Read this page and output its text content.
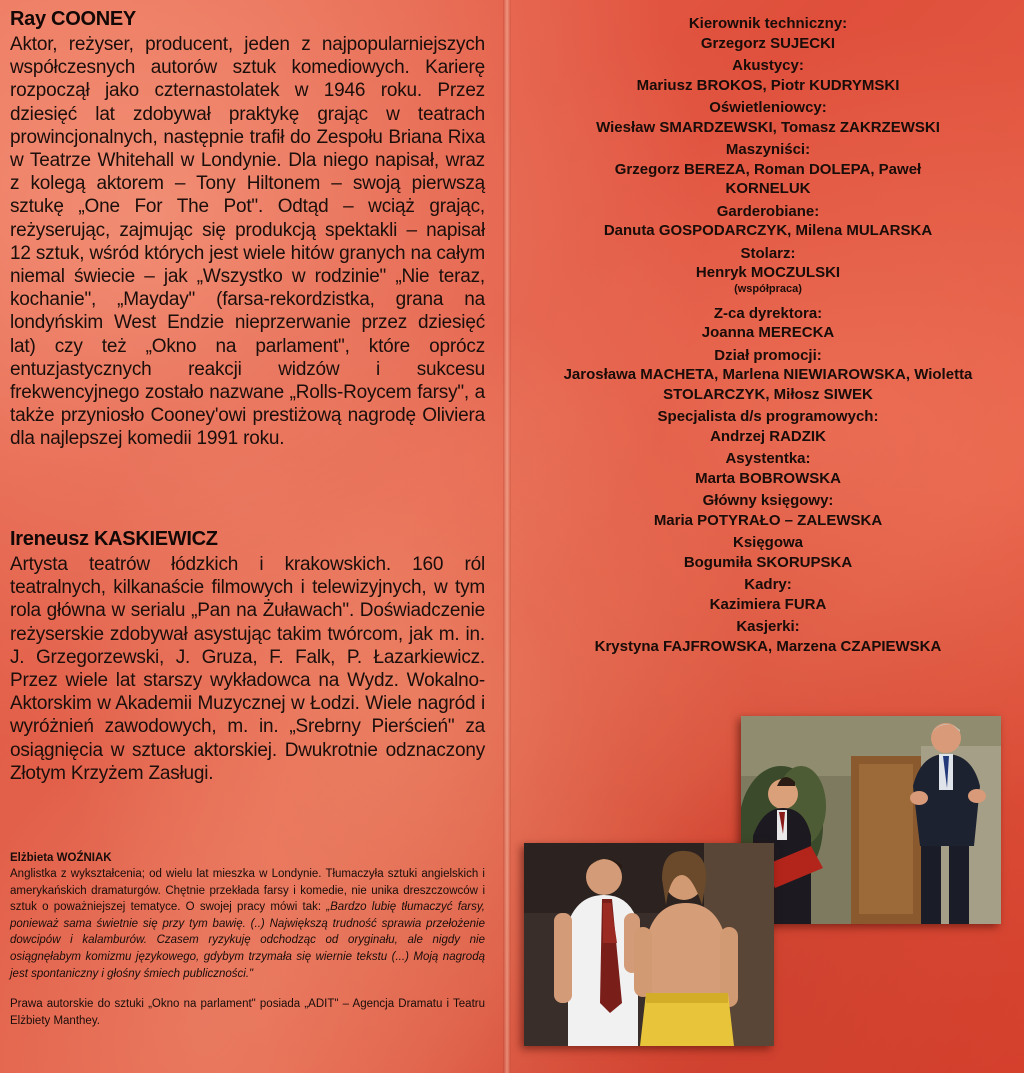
Ray COONEY
Aktor, reżyser, producent, jeden z najpopularniejszych współczesnych autorów sztuk komediowych. Karierę rozpoczął jako czternastolatek w 1946 roku. Przez dziesięć lat zdobywał praktykę grając w teatrach prowincjonalnych, następnie trafił do Zespołu Briana Rixa w Teatrze Whitehall w Londynie. Dla niego napisał, wraz z kolegą aktorem – Tony Hiltonem – swoją pierwszą sztukę „One For The Pot". Odtąd – wciąż grając, reżyserując, zajmując się produkcją spektakli – napisał 12 sztuk, wśród których jest wiele hitów granych na całym niemal świecie – jak „Wszystko w rodzinie" „Nie teraz, kochanie", „Mayday" (farsa-rekordzistka, grana na londyńskim West Endzie nieprzerwanie przez dziesięć lat) czy też „Okno na parlament", które oprócz entuzjastycznych reakcji widzów i sukcesu frekwencyjnego zostało nazwane „Rolls-Roycem farsy", a także przyniosło Cooney'owi prestiżową nagrodę Oliviera dla najlepszej komedii 1991 roku.
Ireneusz KASKIEWICZ
Artysta teatrów łódzkich i krakowskich. 160 ról teatralnych, kilkanaście filmowych i telewizyjnych, w tym rola główna w serialu „Pan na Żuławach". Doświadczenie reżyserskie zdobywał asystując takim twórcom, jak m. in. J. Grzegorzewski, J. Gruza, F. Falk, P. Łazarkiewicz. Przez wiele lat starszy wykładowca na Wydz. Wokalno-Aktorskim w Akademii Muzycznej w Łodzi. Wiele nagród i wyróżnień zawodowych, m. in. „Srebrny Pierścień" za osiągnięcia w sztuce aktorskiej. Dwukrotnie odznaczony Złotym Krzyżem Zasługi.
Elżbieta WOŹNIAK
Anglistka z wykształcenia; od wielu lat mieszka w Londynie. Tłumaczyła sztuki angielskich i amerykańskich dramaturgów. Chętnie przekłada farsy i komedie, nie unika dreszczowców i sztuk o poważniejszej tematyce. O swojej pracy mówi tak: „Bardzo lubię tłumaczyć farsy, ponieważ sama świetnie się przy tym bawię. (..) Największą trudność sprawia przełożenie dowcipów i kalamburów. Czasem ryzykuję odchodząc od oryginału, ale nigdy nie osiągnęłabym komizmu językowego, gdybym trzymała się wiernie tekstu (...) Moją nagrodą jest spontaniczny i głośny śmiech publiczności."
Prawa autorskie do sztuki „Okno na parlament" posiada „ADIT" – Agencja Dramatu i Teatru Elżbiety Manthey.
Kierownik techniczny:
Grzegorz SUJECKI
Akustycy:
Mariusz BROKOS, Piotr KUDRYMSKI
Oświetleniowcy:
Wiesław SMARDZEWSKI, Tomasz ZAKRZEWSKI
Maszyniści:
Grzegorz BEREZA, Roman DOLEPA, Paweł KORNELUK
Garderobiane:
Danuta GOSPODARCZYK, Milena MULARSKA
Stolarz:
Henryk MOCZULSKI
(współpraca)
Z-ca dyrektora:
Joanna MERECKA
Dział promocji:
Jarosława MACHETA, Marlena NIEWIAROWSKA, Wioletta STOLARCZYK, Miłosz SIWEK
Specjalista d/s programowych:
Andrzej RADZIK
Asystentka:
Marta BOBROWSKA
Główny księgowy:
Maria POTYRAŁO – ZALEWSKA
Księgowa
Bogumiła SKORUPSKA
Kadry:
Kazimiera FURA
Kasjerki:
Krystyna FAJFROWSKA, Marzena CZAPIEWSKA
